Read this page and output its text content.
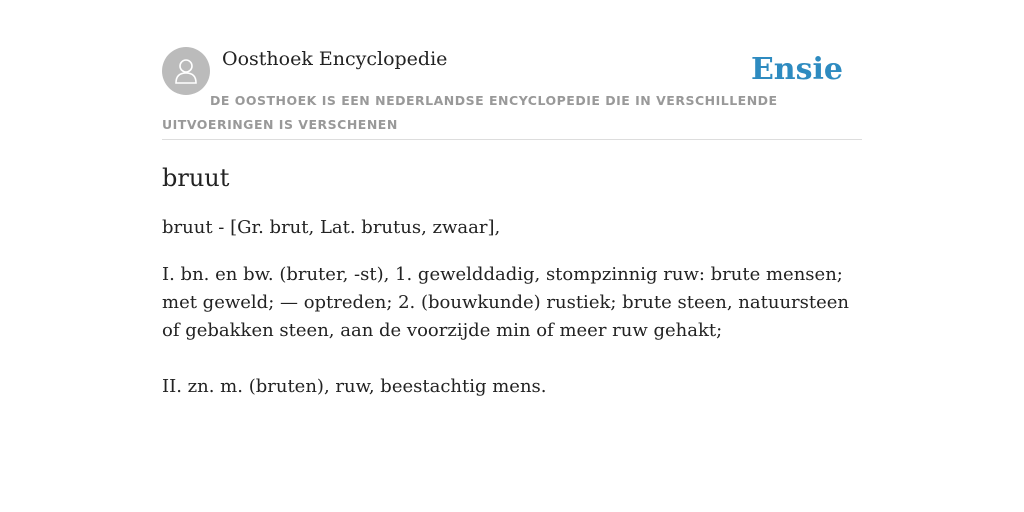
Oosthoek Encyclopedie	Ensie
DE OOSTHOEK IS EEN NEDERLANDSE ENCYCLOPEDIE DIE IN VERSCHILLENDE UITVOERINGEN IS VERSCHENEN
bruut

bruut - [Gr. brut, Lat. brutus, zwaar],

I. bn. en bw. (bruter, -st), 1. gewelddadig, stompzinnig ruw: brute mensen; met geweld; — optreden; 2. (bouwkunde) rustiek; brute steen, natuursteen of gebakken steen, aan de voorzijde min of meer ruw gehakt;

II. zn. m. (bruten), ruw, beestachtig mens.
